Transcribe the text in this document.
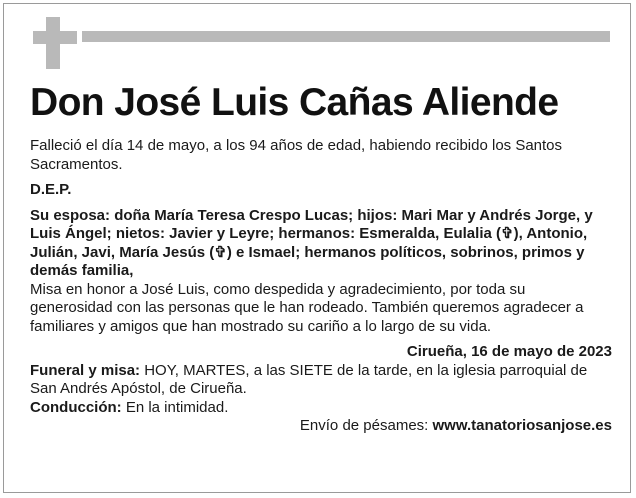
Don José Luis Cañas Aliende

Falleció el día 14 de mayo, a los 94 años de edad, habiendo recibido los Santos Sacramentos.

D.E.P.

Su esposa: doña María Teresa Crespo Lucas; hijos: Mari Mar y Andrés Jorge, y Luis Ángel; nietos: Javier y Leyre; hermanos: Esmeralda, Eulalia (✞), Antonio, Julián, Javi, María Jesús (✞) e Ismael; hermanos políticos, sobrinos, primos y demás familia,

Misa en honor a José Luis, como despedida y agradecimiento, por toda su generosidad con las personas que le han rodeado. También queremos agradecer a familiares y amigos que han mostrado su cariño a lo largo de su vida.

Cirueña, 16 de mayo de 2023

Funeral y misa: HOY, MARTES, a las SIETE de la tarde, en la iglesia parroquial de San Andrés Apóstol, de Cirueña.

Conducción: En la intimidad.

Envío de pésames: www.tanatoriosanjose.es
